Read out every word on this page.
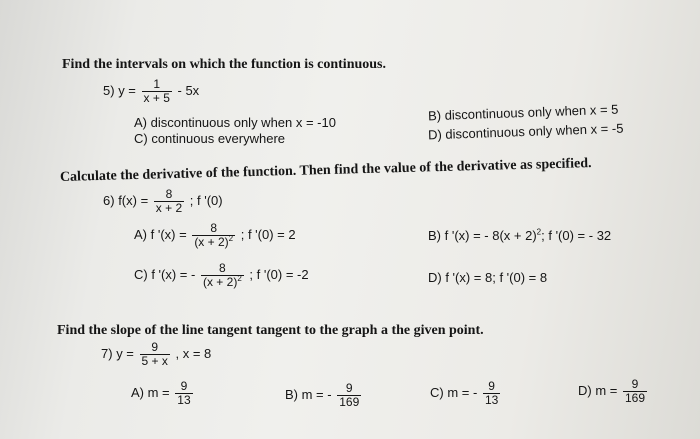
Find the intervals on which the function is continuous.
5) $y = \frac{1}{x + 5} - 5x$
A) discontinuous only when x = -10
C) continuous everywhere
B) discontinuous only when x = 5
D) discontinuous only when x = -5
Calculate the derivative of the function. Then find the value of the derivative as specified.
6) $f(x) = \frac{8}{x + 2}$ ; f '(0)
A) f '$(x) = \frac{8}{(x + 2)^2}$ ; f '(0) = 2	B) f '(x) = - $8(x + 2)^2$; f '(0) = - 32
C) f '(x) = - $\frac{8}{(x + 2)^2}$ ; f '(0) = -2	D) f '(x) = 8; f '(0) = 8
Find the slope of the line tangent tangent to the graph a the given point.
7) $y = \frac{9}{5 + x}$ , x = 8
A) $m = \frac{9}{13}$	B) m = - $\frac{9}{169}$	C) m = - $\frac{9}{13}$	D) $m = \frac{9}{169}$
